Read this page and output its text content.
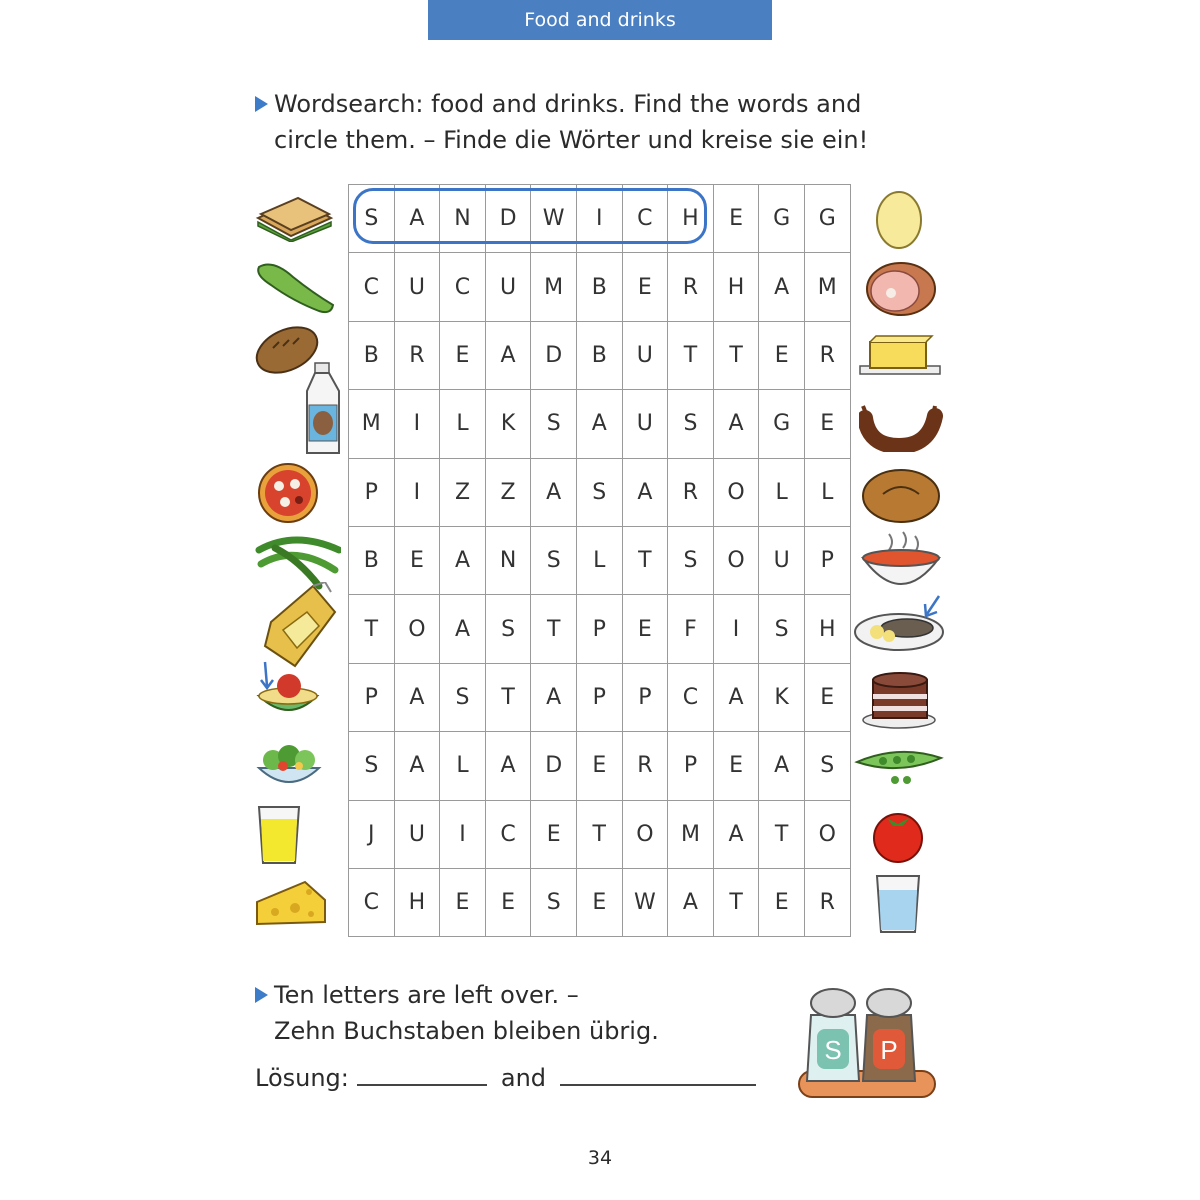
Food and drinks
Wordsearch: food and drinks. Find the words and
circle them. – Finde die Wörter und kreise sie ein!
S	A	N	D	W	I	C	H	E	G	G
C	U	C	U	M	B	E	R	H	A	M
B	R	E	A	D	B	U	T	T	E	R
M	I	L	K	S	A	U	S	A	G	E
P	I	Z	Z	A	S	A	R	O	L	L
B	E	A	N	S	L	T	S	O	U	P
T	O	A	S	T	P	E	F	I	S	H
P	A	S	T	A	P	P	C	A	K	E
S	A	L	A	D	E	R	P	E	A	S
J	U	I	C	E	T	O	M	A	T	O
C	H	E	E	S	E	W	A	T	E	R
Ten letters are left over. –
Zehn Buchstaben bleiben übrig.
S P
Lösung:	and
34
